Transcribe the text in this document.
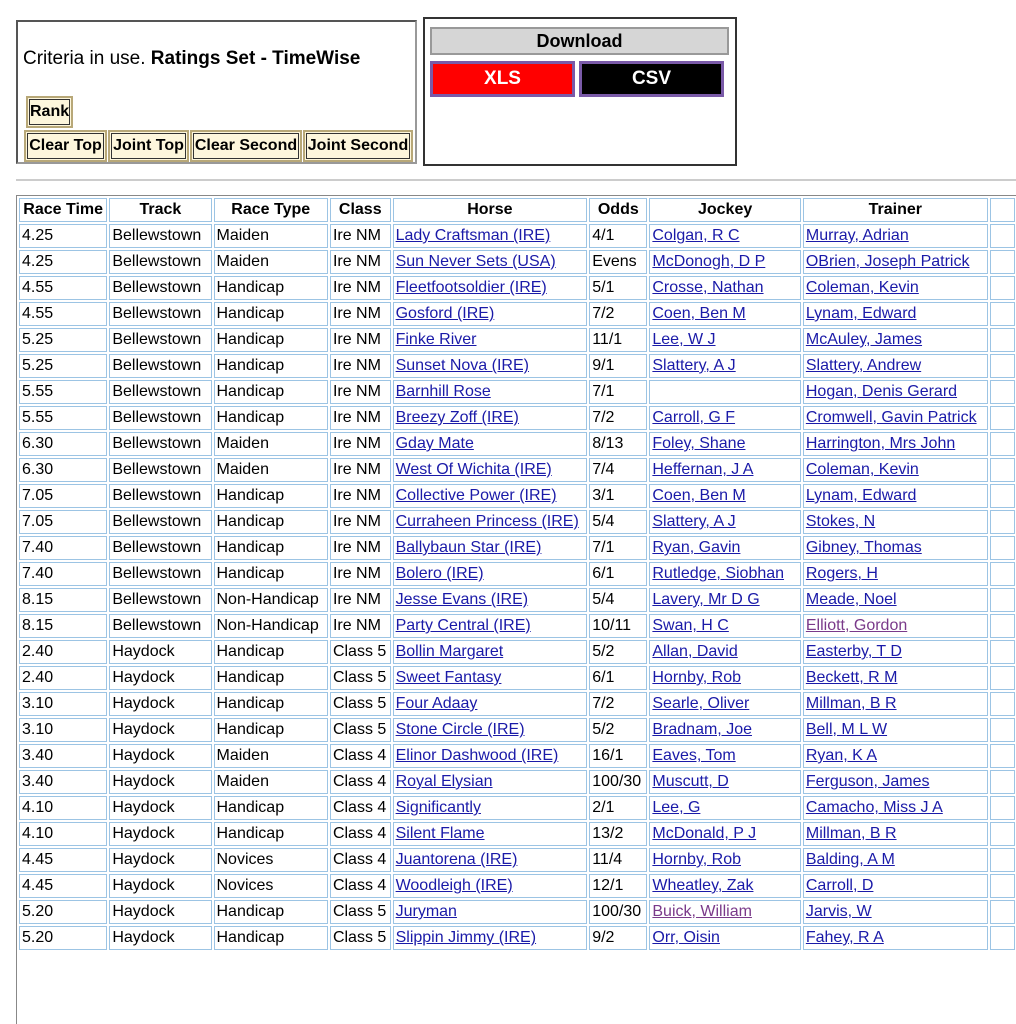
Criteria in use. Ratings Set - TimeWise
Rank
Clear Top Joint Top Clear Second Joint Second
Download
XLS	CSV
Race Time	Track	Race Type	Class	Horse	Odds	Jockey	Trainer	
4.25	Bellewstown	Maiden	Ire NM	Lady Craftsman (IRE)	4/1	Colgan, R C	Murray, Adrian	
4.25	Bellewstown	Maiden	Ire NM	Sun Never Sets (USA)	Evens	McDonogh, D P	OBrien, Joseph Patrick	
4.55	Bellewstown	Handicap	Ire NM	Fleetfootsoldier (IRE)	5/1	Crosse, Nathan	Coleman, Kevin	
4.55	Bellewstown	Handicap	Ire NM	Gosford (IRE)	7/2	Coen, Ben M	Lynam, Edward	
5.25	Bellewstown	Handicap	Ire NM	Finke River	11/1	Lee, W J	McAuley, James	
5.25	Bellewstown	Handicap	Ire NM	Sunset Nova (IRE)	9/1	Slattery, A J	Slattery, Andrew	
5.55	Bellewstown	Handicap	Ire NM	Barnhill Rose	7/1		Hogan, Denis Gerard	
5.55	Bellewstown	Handicap	Ire NM	Breezy Zoff (IRE)	7/2	Carroll, G F	Cromwell, Gavin Patrick	
6.30	Bellewstown	Maiden	Ire NM	Gday Mate	8/13	Foley, Shane	Harrington, Mrs John	
6.30	Bellewstown	Maiden	Ire NM	West Of Wichita (IRE)	7/4	Heffernan, J A	Coleman, Kevin	
7.05	Bellewstown	Handicap	Ire NM	Collective Power (IRE)	3/1	Coen, Ben M	Lynam, Edward	
7.05	Bellewstown	Handicap	Ire NM	Curraheen Princess (IRE)	5/4	Slattery, A J	Stokes, N	
7.40	Bellewstown	Handicap	Ire NM	Ballybaun Star (IRE)	7/1	Ryan, Gavin	Gibney, Thomas	
7.40	Bellewstown	Handicap	Ire NM	Bolero (IRE)	6/1	Rutledge, Siobhan	Rogers, H	
8.15	Bellewstown	Non-Handicap	Ire NM	Jesse Evans (IRE)	5/4	Lavery, Mr D G	Meade, Noel	
8.15	Bellewstown	Non-Handicap	Ire NM	Party Central (IRE)	10/11	Swan, H C	Elliott, Gordon	
2.40	Haydock	Handicap	Class 5	Bollin Margaret	5/2	Allan, David	Easterby, T D	
2.40	Haydock	Handicap	Class 5	Sweet Fantasy	6/1	Hornby, Rob	Beckett, R M	
3.10	Haydock	Handicap	Class 5	Four Adaay	7/2	Searle, Oliver	Millman, B R	
3.10	Haydock	Handicap	Class 5	Stone Circle (IRE)	5/2	Bradnam, Joe	Bell, M L W	
3.40	Haydock	Maiden	Class 4	Elinor Dashwood (IRE)	16/1	Eaves, Tom	Ryan, K A	
3.40	Haydock	Maiden	Class 4	Royal Elysian	100/30	Muscutt, D	Ferguson, James	
4.10	Haydock	Handicap	Class 4	Significantly	2/1	Lee, G	Camacho, Miss J A	
4.10	Haydock	Handicap	Class 4	Silent Flame	13/2	McDonald, P J	Millman, B R	
4.45	Haydock	Novices	Class 4	Juantorena (IRE)	11/4	Hornby, Rob	Balding, A M	
4.45	Haydock	Novices	Class 4	Woodleigh (IRE)	12/1	Wheatley, Zak	Carroll, D	
5.20	Haydock	Handicap	Class 5	Juryman	100/30	Buick, William	Jarvis, W	
5.20	Haydock	Handicap	Class 5	Slippin Jimmy (IRE)	9/2	Orr, Oisin	Fahey, R A	
